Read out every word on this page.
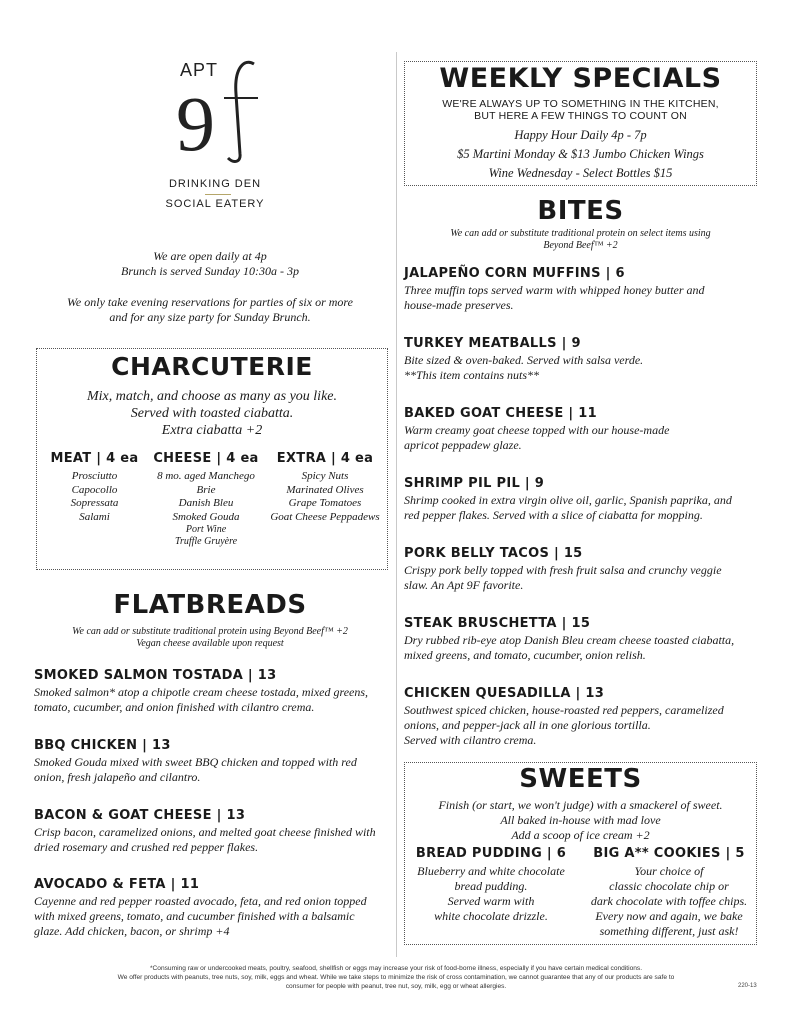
APT
9
DRINKING DEN
SOCIAL EATERY
We are open daily at 4p
Brunch is served Sunday 10:30a - 3p
We only take evening reservations for parties of six or more
and for any size party for Sunday Brunch.
CHARCUTERIE
Mix, match, and choose as many as you like.
Served with toasted ciabatta.
Extra ciabatta +2
MEAT | 4 ea
Prosciutto
Capocollo
Sopressata
Salami
CHEESE | 4 ea
8 mo. aged Manchego
Brie
Danish Bleu
Smoked Gouda
Port Wine
Truffle Gruyère
EXTRA | 4 ea
Spicy Nuts
Marinated Olives
Grape Tomatoes
Goat Cheese Peppadews
FLATBREADS
We can add or substitute traditional protein using Beyond Beef™ +2
Vegan cheese available upon request
SMOKED SALMON TOSTADA | 13
Smoked salmon* atop a chipotle cream cheese tostada, mixed greens,
tomato, cucumber, and onion finished with cilantro crema.
BBQ CHICKEN | 13
Smoked Gouda mixed with sweet BBQ chicken and topped with red
onion, fresh jalapeño and cilantro.
BACON & GOAT CHEESE | 13
Crisp bacon, caramelized onions, and melted goat cheese finished with
dried rosemary and crushed red pepper flakes.
AVOCADO & FETA | 11
Cayenne and red pepper roasted avocado, feta, and red onion topped
with mixed greens, tomato, and cucumber finished with a balsamic
glaze. Add chicken, bacon, or shrimp +4
WEEKLY SPECIALS
WE'RE ALWAYS UP TO SOMETHING IN THE KITCHEN,
BUT HERE A FEW THINGS TO COUNT ON
Happy Hour Daily 4p - 7p
$5 Martini Monday & $13 Jumbo Chicken Wings
Wine Wednesday - Select Bottles $15
BITES
We can add or substitute traditional protein on select items using
Beyond Beef™ +2
JALAPEÑO CORN MUFFINS | 6
Three muffin tops served warm with whipped honey butter and
house-made preserves.
TURKEY MEATBALLS | 9
Bite sized & oven-baked. Served with salsa verde.
**This item contains nuts**
BAKED GOAT CHEESE | 11
Warm creamy goat cheese topped with our house-made
apricot peppadew glaze.
SHRIMP PIL PIL | 9
Shrimp cooked in extra virgin olive oil, garlic, Spanish paprika, and
red pepper flakes. Served with a slice of ciabatta for mopping.
PORK BELLY TACOS | 15
Crispy pork belly topped with fresh fruit salsa and crunchy veggie
slaw. An Apt 9F favorite.
STEAK BRUSCHETTA | 15
Dry rubbed rib-eye atop Danish Bleu cream cheese toasted ciabatta,
mixed greens, and tomato, cucumber, onion relish.
CHICKEN QUESADILLA | 13
Southwest spiced chicken, house-roasted red peppers, caramelized
onions, and pepper-jack all in one glorious tortilla.
Served with cilantro crema.
SWEETS
Finish (or start, we won't judge) with a smackerel of sweet.
All baked in-house with mad love
Add a scoop of ice cream +2
BREAD PUDDING | 6
Blueberry and white chocolate
bread pudding.
Served warm with
white chocolate drizzle.
BIG A** COOKIES | 5
Your choice of
classic chocolate chip or
dark chocolate with toffee chips.
Every now and again, we bake
something different, just ask!
*Consuming raw or undercooked meats, poultry, seafood, shellfish or eggs may increase your risk of food-borne illness, especially if you have certain medical conditions.
We offer products with peanuts, tree nuts, soy, milk, eggs and wheat. While we take steps to minimize the risk of cross contamination, we cannot guarantee that any of our products are safe to
consumer for people with peanut, tree nut, soy, milk, egg or wheat allergies.	220-13
